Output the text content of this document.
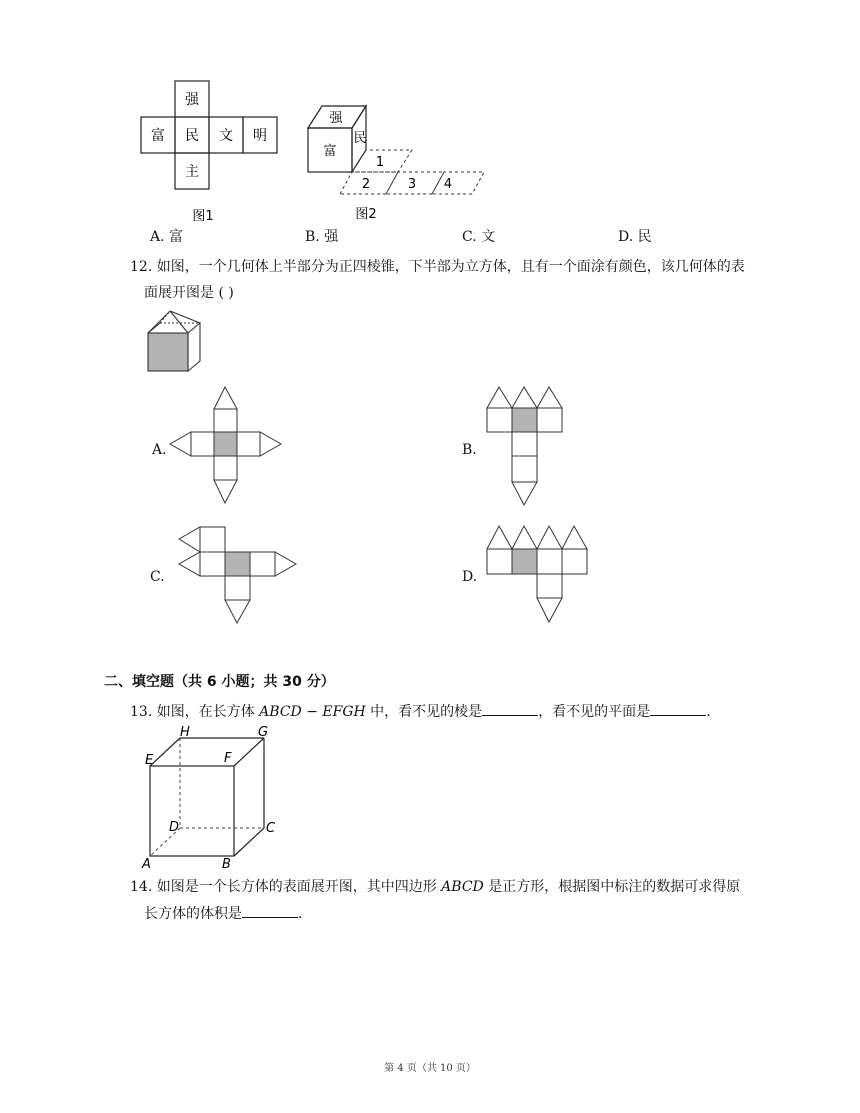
强
富 民 文 明
主
图1
强
富
民
1
2	3 4
图2
A. 富	B. 强	C. 文	D. 民
12. 如图，一个几何体上半部分为正四棱锥，下半部为立方体，且有一个面涂有颜色，该几何体的表
面展开图是 ( )
A.	B.
C.	D.
二、填空题（共 6 小题；共 30 分）
13. 如图，在长方体 ABCD − EFGH 中，看不见的棱是	，看不见的平面是	.
H	G
E	F
D	C
A	B
14. 如图是一个长方体的表面展开图，其中四边形 ABCD 是正方形，根据图中标注的数据可求得原
长方体的体积是	.
第 4 页（共 10 页）
